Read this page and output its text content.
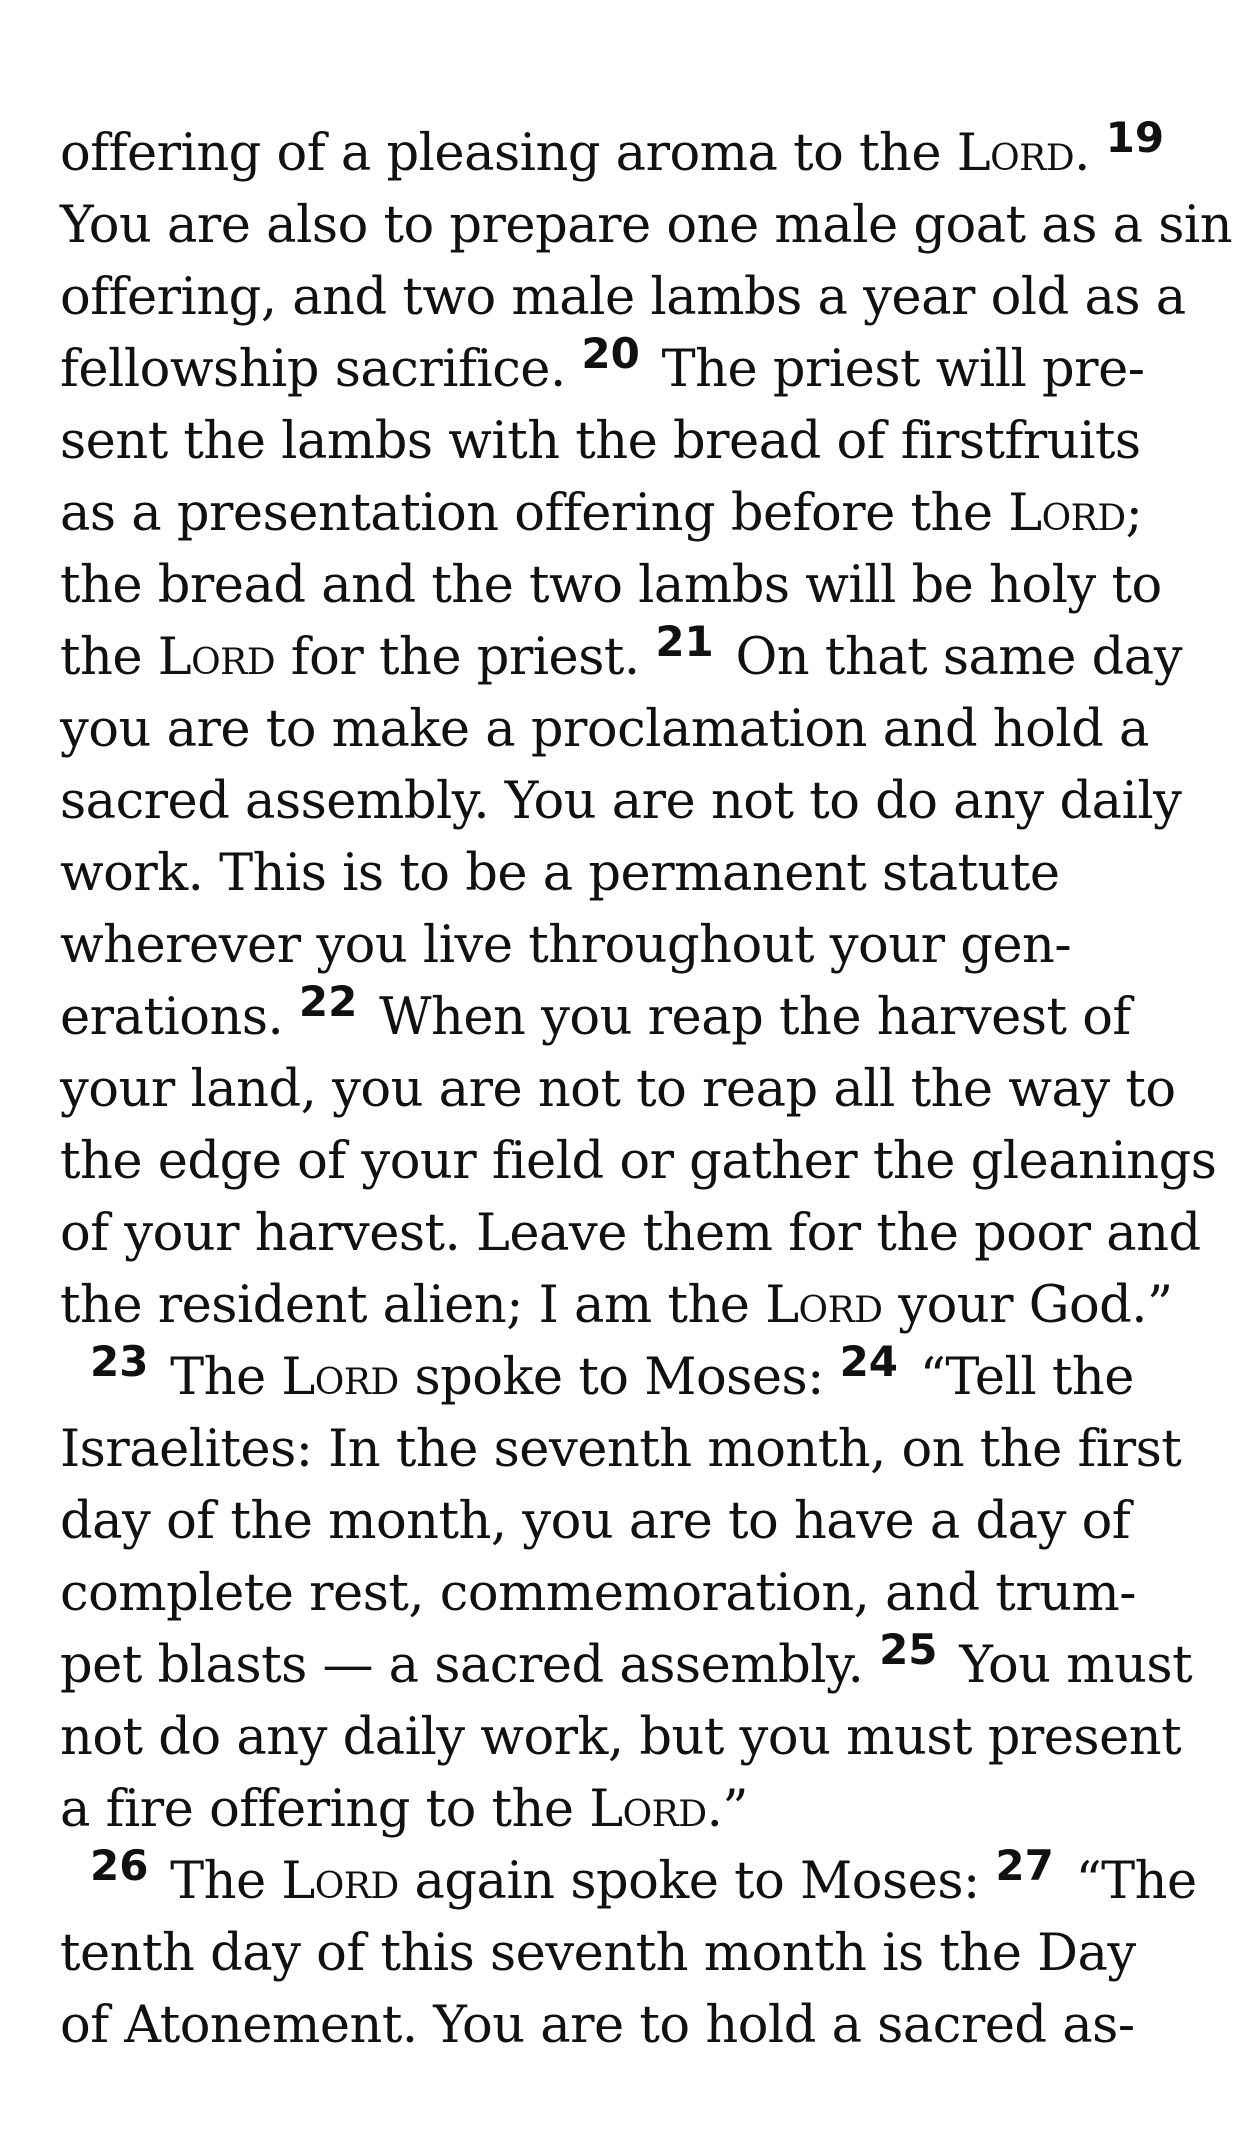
offering of a pleasing aroma to the Lord. $^{19}$
You are also to prepare one male goat as a sin
offering, and two male lambs a year old as a
fellowship sacrifice. $^{20}$ The priest will pre-
sent the lambs with the bread of firstfruits
as a presentation offering before the Lord;
the bread and the two lambs will be holy to
the Lord for the priest. $^{21}$ On that same day
you are to make a proclamation and hold a
sacred assembly. You are not to do any daily
work. This is to be a permanent statute
wherever you live throughout your gen-
erations. $^{22}$ When you reap the harvest of
your land, you are not to reap all the way to
the edge of your field or gather the gleanings
of your harvest. Leave them for the poor and
the resident alien; I am the Lord your God.”
$^{23}$ The Lord spoke to Moses: $^{24}$ “Tell the
Israelites: In the seventh month, on the first
day of the month, you are to have a day of
complete rest, commemoration, and trum-
pet blasts — a sacred assembly. $^{25}$ You must
not do any daily work, but you must present
a fire offering to the Lord.”
$^{26}$ The Lord again spoke to Moses: $^{27}$ “The
tenth day of this seventh month is the Day
of Atonement. You are to hold a sacred as-
